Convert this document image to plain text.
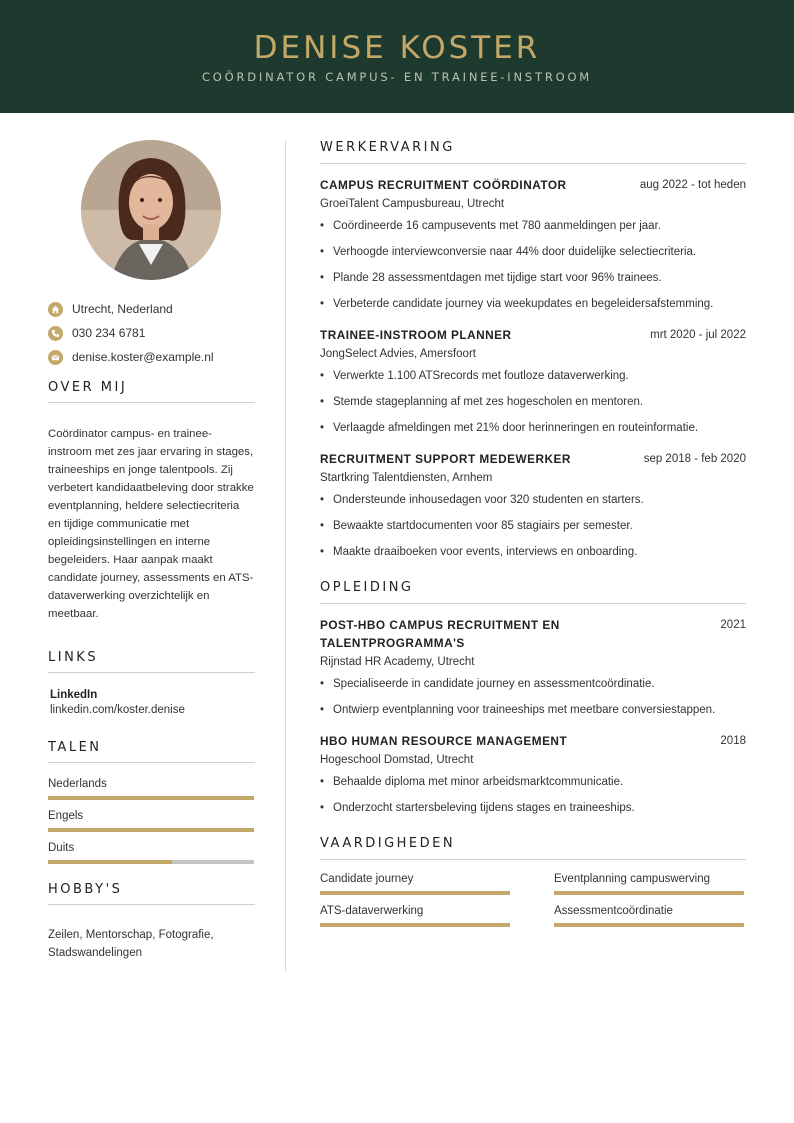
DENISE KOSTER
COÖRDINATOR CAMPUS- EN TRAINEE-INSTROOM
Utrecht, Nederland
030 234 6781
denise.koster@example.nl
OVER MIJ
Coördinator campus- en trainee-instroom met zes jaar ervaring in stages, traineeships en jonge talentpools. Zij verbetert kandidaatbeleving door strakke eventplanning, heldere selectiecriteria en tijdige communicatie met opleidingsinstellingen en interne begeleiders. Haar aanpak maakt candidate journey, assessments en ATS-dataverwerking overzichtelijk en meetbaar.
LINKS
LinkedIn
linkedin.com/koster.denise
TALEN
Nederlands
Engels
Duits
HOBBY'S
Zeilen, Mentorschap, Fotografie, Stadswandelingen
WERKERVARING
CAMPUS RECRUITMENT COÖRDINATOR	aug 2022 - tot heden
GroeiTalent Campusbureau, Utrecht
• Coördineerde 16 campusevents met 780 aanmeldingen per jaar.
• Verhoogde interviewconversie naar 44% door duidelijke selectiecriteria.
• Plande 28 assessmentdagen met tijdige start voor 96% trainees.
• Verbeterde candidate journey via weekupdates en begeleidersafstemming.
TRAINEE-INSTROOM PLANNER	mrt 2020 - jul 2022
JongSelect Advies, Amersfoort
• Verwerkte 1.100 ATSrecords met foutloze dataverwerking.
• Stemde stageplanning af met zes hogescholen en mentoren.
• Verlaagde afmeldingen met 21% door herinneringen en routeinformatie.
RECRUITMENT SUPPORT MEDEWERKER	sep 2018 - feb 2020
Startkring Talentdiensten, Arnhem
• Ondersteunde inhousedagen voor 320 studenten en starters.
• Bewaakte startdocumenten voor 85 stagiairs per semester.
• Maakte draaiboeken voor events, interviews en onboarding.
OPLEIDING
POST-HBO CAMPUS RECRUITMENT EN
TALENTPROGRAMMA'S
2021
Rijnstad HR Academy, Utrecht
• Specialiseerde in candidate journey en assessmentcoördinatie.
• Ontwierp eventplanning voor traineeships met meetbare conversiestappen.
HBO HUMAN RESOURCE MANAGEMENT	2018
Hogeschool Domstad, Utrecht
• Behaalde diploma met minor arbeidsmarktcommunicatie.
• Onderzocht startersbeleving tijdens stages en traineeships.
VAARDIGHEDEN
Candidate journey	Eventplanning campuswerving
ATS-dataverwerking	Assessmentcoördinatie
